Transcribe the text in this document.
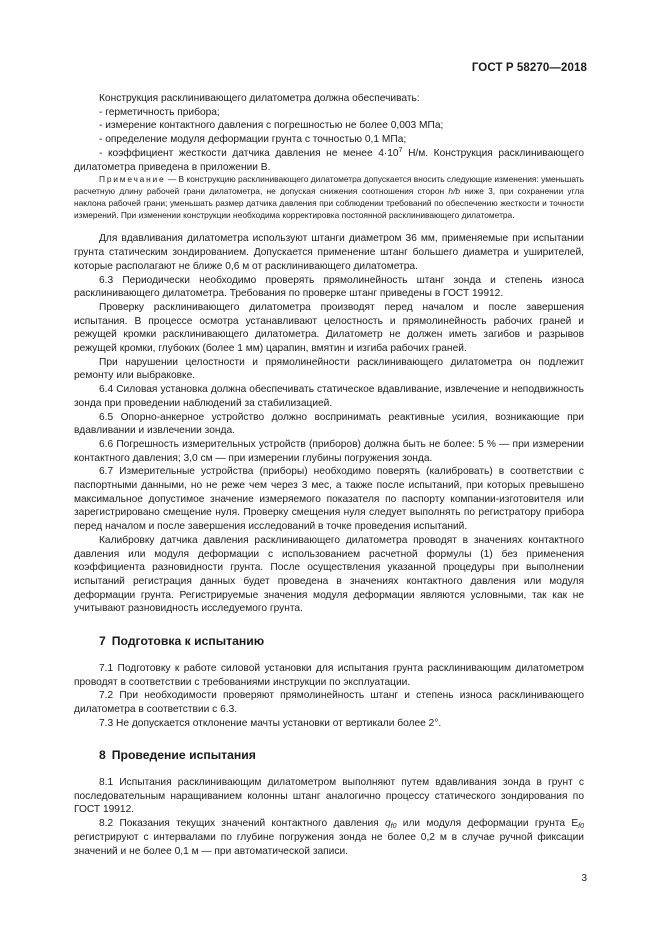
ГОСТ Р 58270—2018

Конструкция расклинивающего дилатометра должна обеспечивать:

- герметичность прибора;

- измерение контактного давления с погрешностью не более 0,003 МПа;

- определение модуля деформации грунта с точностью 0,1 МПа;

- коэффициент жесткости датчика давления не менее $4\cdot 10^7$ Н/м. Конструкция расклинивающего дилатометра приведена в приложении В.

Примечание — В конструкцию расклинивающего дилатометра допускается вносить следующие изменения: уменьшать расчетную длину рабочей грани дилатометра, не допуская снижения соотношения сторон h/b ниже 3, при сохранении угла наклона рабочей грани; уменьшать размер датчика давления при соблюдении требований по обеспечению жесткости и точности измерений. При изменении конструкции необходима корректировка постоянной расклинивающего дилатометра.

Для вдавливания дилатометра используют штанги диаметром 36 мм, применяемые при испытании грунта статическим зондированием. Допускается применение штанг большего диаметра и уширителей, которые располагают не ближе 0,6 м от расклинивающего дилатометра.

6.3 Периодически необходимо проверять прямолинейность штанг зонда и степень износа расклинивающего дилатометра. Требования по проверке штанг приведены в ГОСТ 19912.

Проверку расклинивающего дилатометра производят перед началом и после завершения испытания. В процессе осмотра устанавливают целостность и прямолинейность рабочих граней и режущей кромки расклинивающего дилатометра. Дилатометр не должен иметь загибов и разрывов режущей кромки, глубоких (более 1 мм) царапин, вмятин и изгиба рабочих граней.

При нарушении целостности и прямолинейности расклинивающего дилатометра он подлежит ремонту или выбраковке.

6.4 Силовая установка должна обеспечивать статическое вдавливание, извлечение и неподвижность зонда при проведении наблюдений за стабилизацией.

6.5 Опорно-анкерное устройство должно воспринимать реактивные усилия, возникающие при вдавливании и извлечении зонда.

6.6 Погрешность измерительных устройств (приборов) должна быть не более: 5 % — при измерении контактного давления; 3,0 см — при измерении глубины погружения зонда.

6.7 Измерительные устройства (приборы) необходимо поверять (калибровать) в соответствии с паспортными данными, но не реже чем через 3 мес, а также после испытаний, при которых превышено максимальное допустимое значение измеряемого показателя по паспорту компании-изготовителя или зарегистрировано смещение нуля. Проверку смещения нуля следует выполнять по регистратору прибора перед началом и после завершения исследований в точке проведения испытаний.

Калибровку датчика давления расклинивающего дилатометра проводят в значениях контактного давления или модуля деформации с использованием расчетной формулы (1) без применения коэффициента разновидности грунта. После осуществления указанной процедуры при выполнении испытаний регистрация данных будет проведена в значениях контактного давления или модуля деформации грунта. Регистрируемые значения модуля деформации являются условными, так как не учитывают разновидность исследуемого грунта.

7 Подготовка к испытанию

7.1 Подготовку к работе силовой установки для испытания грунта расклинивающим дилатометром проводят в соответствии с требованиями инструкции по эксплуатации.

7.2 При необходимости проверяют прямолинейность штанг и степень износа расклинивающего дилатометра в соответствии с 6.3.

7.3 Не допускается отклонение мачты установки от вертикали более 2°.

8 Проведение испытания

8.1 Испытания расклинивающим дилатометром выполняют путем вдавливания зонда в грунт с последовательным наращиванием колонны штанг аналогично процессу статического зондирования по ГОСТ 19912.

8.2 Показания текущих значений контактного давления $q_{f0}$ или модуля деформации грунта $E_{f0}$ регистрируют с интервалами по глубине погружения зонда не более 0,2 м в случае ручной фиксации значений и не более 0,1 м — при автоматической записи.

3
